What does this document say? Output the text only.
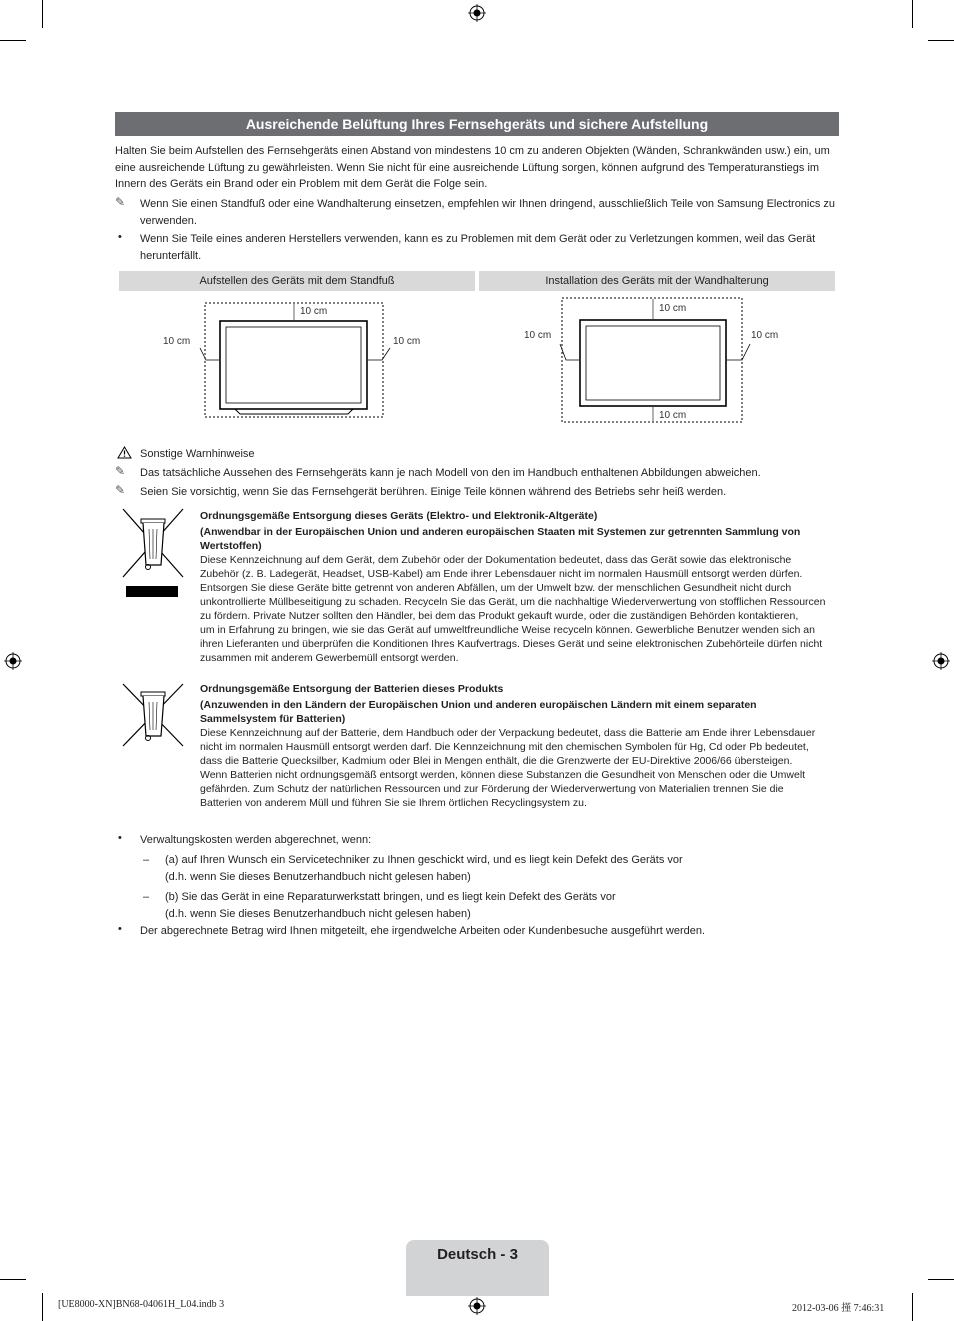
Ausreichende Belüftung Ihres Fernsehgeräts und sichere Aufstellung
Halten Sie beim Aufstellen des Fernsehgeräts einen Abstand von mindestens 10 cm zu anderen Objekten (Wänden, Schrankwänden usw.) ein, um
eine ausreichende Lüftung zu gewährleisten. Wenn Sie nicht für eine ausreichende Lüftung sorgen, können aufgrund des Temperaturanstiegs im
Innern des Geräts ein Brand oder ein Problem mit dem Gerät die Folge sein.
✎ Wenn Sie einen Standfuß oder eine Wandhalterung einsetzen, empfehlen wir Ihnen dringend, ausschließlich Teile von Samsung Electronics zu
verwenden.
• Wenn Sie Teile eines anderen Herstellers verwenden, kann es zu Problemen mit dem Gerät oder zu Verletzungen kommen, weil das Gerät
herunterfällt.
Aufstellen des Geräts mit dem Standfuß	Installation des Geräts mit der Wandhalterung
10 cm
10 cm	10 cm
10 cm
10 cm	10 cm
10 cm
Sonstige Warnhinweise
✎ Das tatsächliche Aussehen des Fernsehgeräts kann je nach Modell von den im Handbuch enthaltenen Abbildungen abweichen.
✎ Seien Sie vorsichtig, wenn Sie das Fernsehgerät berühren. Einige Teile können während des Betriebs sehr heiß werden.
Ordnungsgemäße Entsorgung dieses Geräts (Elektro- und Elektronik-Altgeräte)
(Anwendbar in der Europäischen Union und anderen europäischen Staaten mit Systemen zur getrennten Sammlung von
Wertstoffen)
Diese Kennzeichnung auf dem Gerät, dem Zubehör oder der Dokumentation bedeutet, dass das Gerät sowie das elektronische
Zubehör (z. B. Ladegerät, Headset, USB-Kabel) am Ende ihrer Lebensdauer nicht im normalen Hausmüll entsorgt werden dürfen.
Entsorgen Sie diese Geräte bitte getrennt von anderen Abfällen, um der Umwelt bzw. der menschlichen Gesundheit nicht durch
unkontrollierte Müllbeseitigung zu schaden. Recyceln Sie das Gerät, um die nachhaltige Wiederverwertung von stofflichen Ressourcen
zu fördern. Private Nutzer sollten den Händler, bei dem das Produkt gekauft wurde, oder die zuständigen Behörden kontaktieren,
um in Erfahrung zu bringen, wie sie das Gerät auf umweltfreundliche Weise recyceln können. Gewerbliche Benutzer wenden sich an
ihren Lieferanten und überprüfen die Konditionen Ihres Kaufvertrags. Dieses Gerät und seine elektronischen Zubehörteile dürfen nicht
zusammen mit anderem Gewerbemüll entsorgt werden.
Ordnungsgemäße Entsorgung der Batterien dieses Produkts
(Anzuwenden in den Ländern der Europäischen Union und anderen europäischen Ländern mit einem separaten
Sammelsystem für Batterien)
Diese Kennzeichnung auf der Batterie, dem Handbuch oder der Verpackung bedeutet, dass die Batterie am Ende ihrer Lebensdauer
nicht im normalen Hausmüll entsorgt werden darf. Die Kennzeichnung mit den chemischen Symbolen für Hg, Cd oder Pb bedeutet,
dass die Batterie Quecksilber, Kadmium oder Blei in Mengen enthält, die die Grenzwerte der EU-Direktive 2006/66 übersteigen.
Wenn Batterien nicht ordnungsgemäß entsorgt werden, können diese Substanzen die Gesundheit von Menschen oder die Umwelt
gefährden. Zum Schutz der natürlichen Ressourcen und zur Förderung der Wiederverwertung von Materialien trennen Sie die
Batterien von anderem Müll und führen Sie sie Ihrem örtlichen Recyclingsystem zu.
• Verwaltungskosten werden abgerechnet, wenn:
– (a) auf Ihren Wunsch ein Servicetechniker zu Ihnen geschickt wird, und es liegt kein Defekt des Geräts vor
(d.h. wenn Sie dieses Benutzerhandbuch nicht gelesen haben)
– (b) Sie das Gerät in eine Reparaturwerkstatt bringen, und es liegt kein Defekt des Geräts vor
(d.h. wenn Sie dieses Benutzerhandbuch nicht gelesen haben)
• Der abgerechnete Betrag wird Ihnen mitgeteilt, ehe irgendwelche Arbeiten oder Kundenbesuche ausgeführt werden.
Deutsch - 3
[UE8000-XN]BN68-04061H_L04.indb 3	2012-03-06 㨷 7:46:31
